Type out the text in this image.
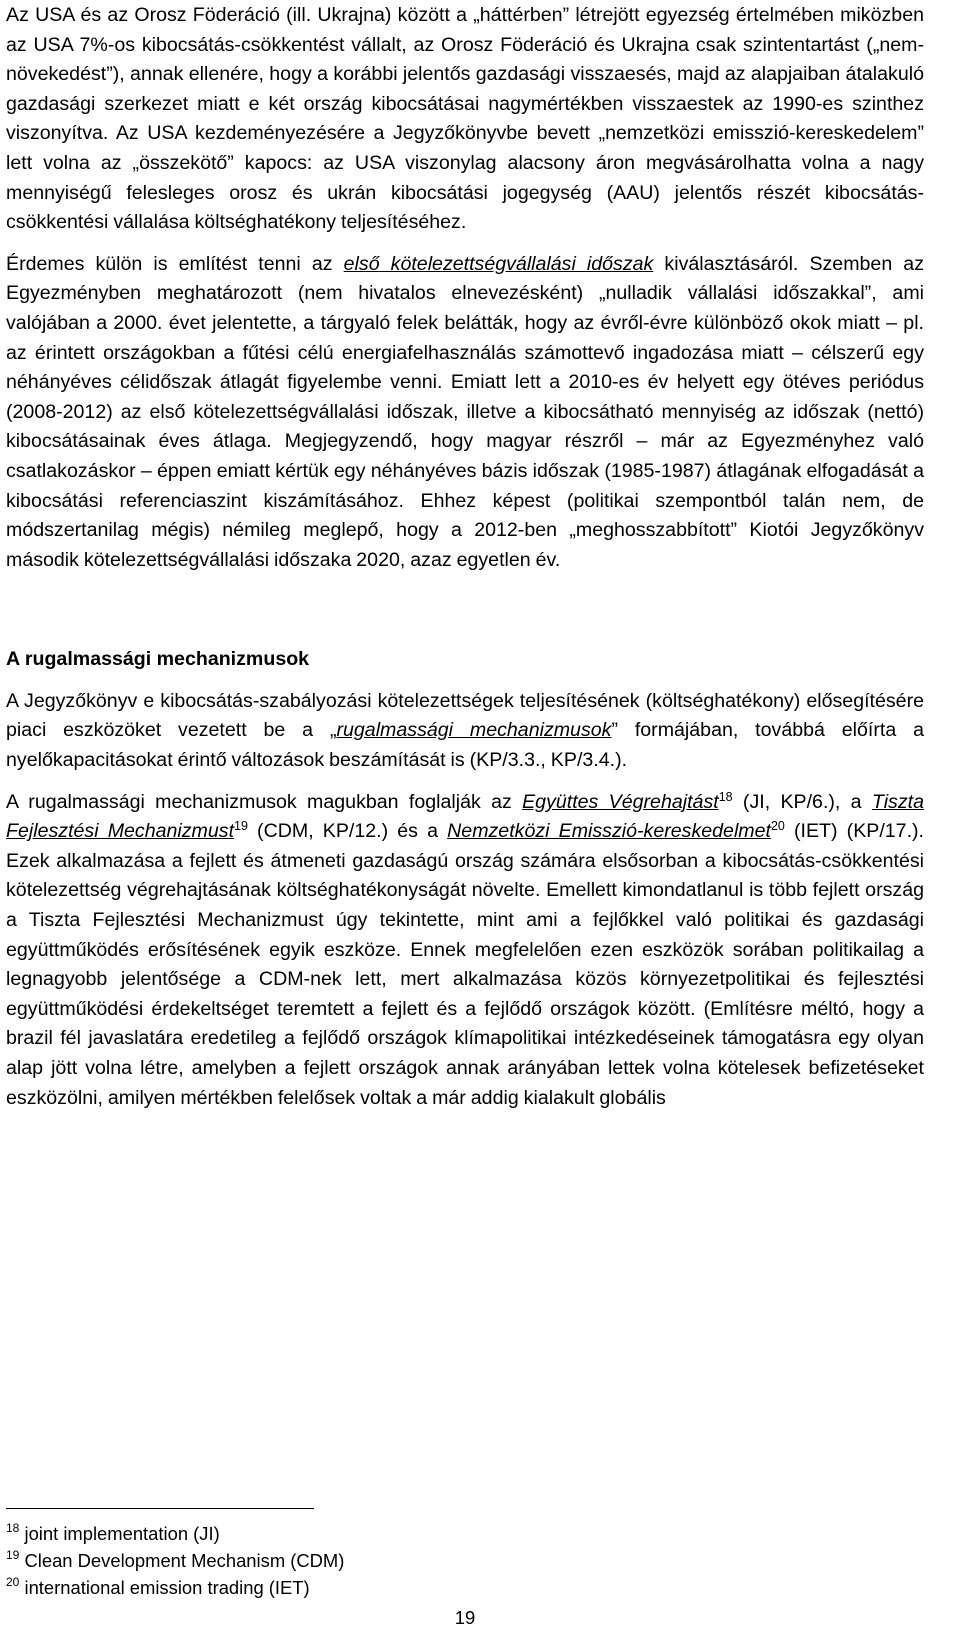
Az USA és az Orosz Föderáció (ill. Ukrajna) között a „háttérben” létrejött egyezség értelmében miközben az USA 7%-os kibocsátás-csökkentést vállalt, az Orosz Föderáció és Ukrajna csak szintentartást („nem-növekedést”), annak ellenére, hogy a korábbi jelentős gazdasági visszaesés, majd az alapjaiban átalakuló gazdasági szerkezet miatt e két ország kibocsátásai nagymértékben visszaestek az 1990-es szinthez viszonyítva. Az USA kezdeményezésére a Jegyzőkönyvbe bevett „nemzetközi emisszió-kereskedelem” lett volna az „összekötő” kapocs: az USA viszonylag alacsony áron megvásárolhatta volna a nagy mennyiségű felesleges orosz és ukrán kibocsátási jogegység (AAU) jelentős részét kibocsátás-csökkentési vállalása költséghatékony teljesítéséhez.

Érdemes külön is említést tenni az első kötelezettségvállalási időszak kiválasztásáról. Szemben az Egyezményben meghatározott (nem hivatalos elnevezésként) „nulladik vállalási időszakkal”, ami valójában a 2000. évet jelentette, a tárgyaló felek belátták, hogy az évről-évre különböző okok miatt – pl. az érintett országokban a fűtési célú energiafelhasználás számottevő ingadozása miatt – célszerű egy néhányéves célidőszak átlagát figyelembe venni. Emiatt lett a 2010-es év helyett egy ötéves periódus (2008-2012) az első kötelezettségvállalási időszak, illetve a kibocsátható mennyiség az időszak (nettó) kibocsátásainak éves átlaga. Megjegyzendő, hogy magyar részről – már az Egyezményhez való csatlakozáskor – éppen emiatt kértük egy néhányéves bázis időszak (1985-1987) átlagának elfogadását a kibocsátási referenciaszint kiszámításához. Ehhez képest (politikai szempontból talán nem, de módszertanilag mégis) némileg meglepő, hogy a 2012-ben „meghosszabbított” Kiotói Jegyzőkönyv második kötelezettségvállalási időszaka 2020, azaz egyetlen év.

A rugalmassági mechanizmusok

A Jegyzőkönyv e kibocsátás-szabályozási kötelezettségek teljesítésének (költséghatékony) elősegítésére piaci eszközöket vezetett be a „rugalmassági mechanizmusok” formájában, továbbá előírta a nyelőkapacitásokat érintő változások beszámítását is (KP/3.3., KP/3.4.).

A rugalmassági mechanizmusok magukban foglalják az Együttes Végrehajtást$^{18}$ (JI, KP/6.), a Tiszta Fejlesztési Mechanizmust$^{19}$ (CDM, KP/12.) és a Nemzetközi Emisszió-kereskedelmet$^{20}$ (IET) (KP/17.). Ezek alkalmazása a fejlett és átmeneti gazdaságú ország számára elsősorban a kibocsátás-csökkentési kötelezettség végrehajtásának költséghatékonyságát növelte. Emellett kimondatlanul is több fejlett ország a Tiszta Fejlesztési Mechanizmust úgy tekintette, mint ami a fejlőkkel való politikai és gazdasági együttműködés erősítésének egyik eszköze. Ennek megfelelően ezen eszközök sorában politikailag a legnagyobb jelentősége a CDM-nek lett, mert alkalmazása közös környezetpolitikai és fejlesztési együttműködési érdekeltséget teremtett a fejlett és a fejlődő országok között. (Említésre méltó, hogy a brazil fél javaslatára eredetileg a fejlődő országok klímapolitikai intézkedéseinek támogatásra egy olyan alap jött volna létre, amelyben a fejlett országok annak arányában lettek volna kötelesek befizetéseket eszközölni, amilyen mértékben felelősek voltak a már addig kialakult globális

$^{18}$ joint implementation (JI)
$^{19}$ Clean Development Mechanism (CDM)
$^{20}$ international emission trading (IET)
19
